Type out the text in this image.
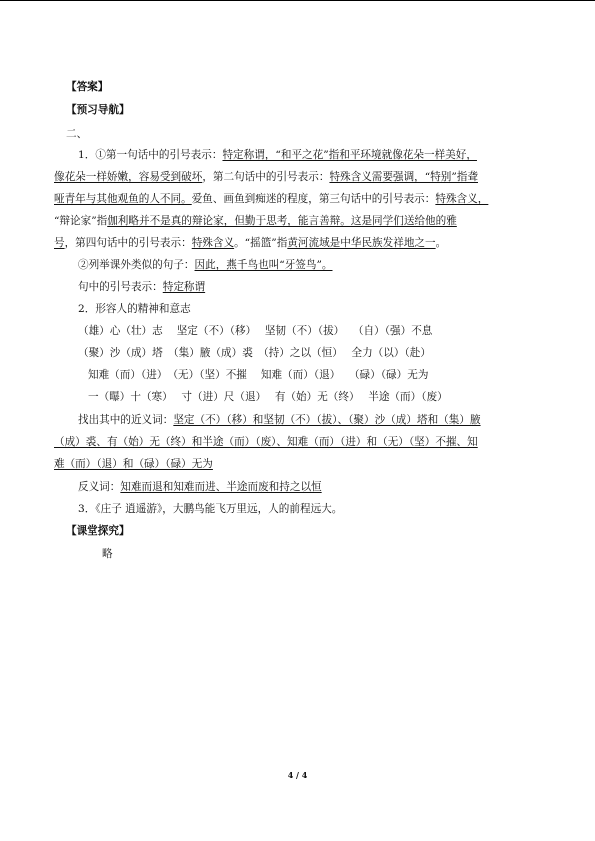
【答案】
【预习导航】
二、
1．①第一句话中的引号表示：特定称谓，“和平之花”指和平环境就像花朵一样美好，
像花朵一样娇嫩，容易受到破坏，第二句话中的引号表示：特殊含义需要强调，“特别”指聋
哑青年与其他观鱼的人不同。爱鱼、画鱼到痴迷的程度，第三句话中的引号表示：特殊含义，
“辩论家”指伽利略并不是真的辩论家，但勤于思考，能言善辩。这是同学们送给他的雅
号，第四句话中的引号表示：特殊含义。“摇篮”指黄河流域是中华民族发祥地之一。
②列举课外类似的句子：因此，燕千鸟也叫“牙签鸟”。
句中的引号表示：特定称谓
2．形容人的精神和意志
（雄）心（壮）志　 坚定（不）（移）　 坚韧（不）（拔）　 （自）（强）不息
（聚）沙（成）塔　（集）腋（成）裘　（持）之以（恒）　 全力（以）（赴）
知难（而）（进）　（无）（坚）不摧　 知难（而）（退）　 （碌）（碌）无为
一（曝）十（寒）　 寸（进）尺（退）　 有（始）无（终）　 半途（而）（废）
找出其中的近义词：坚定（不）（移）和坚韧（不）（拔）、（聚）沙（成）塔和（集）腋
（成）裘、有（始）无（终）和半途（而）（废）、知难（而）（进）和（无）（坚）不摧、知
难（而）（退）和（碌）（碌）无为
反义词：知难而退和知难而进、半途而废和持之以恒
3．《庄子 逍遥游》，大鹏鸟能飞万里远，人的前程远大。
【课堂探究】
略
4 / 4
